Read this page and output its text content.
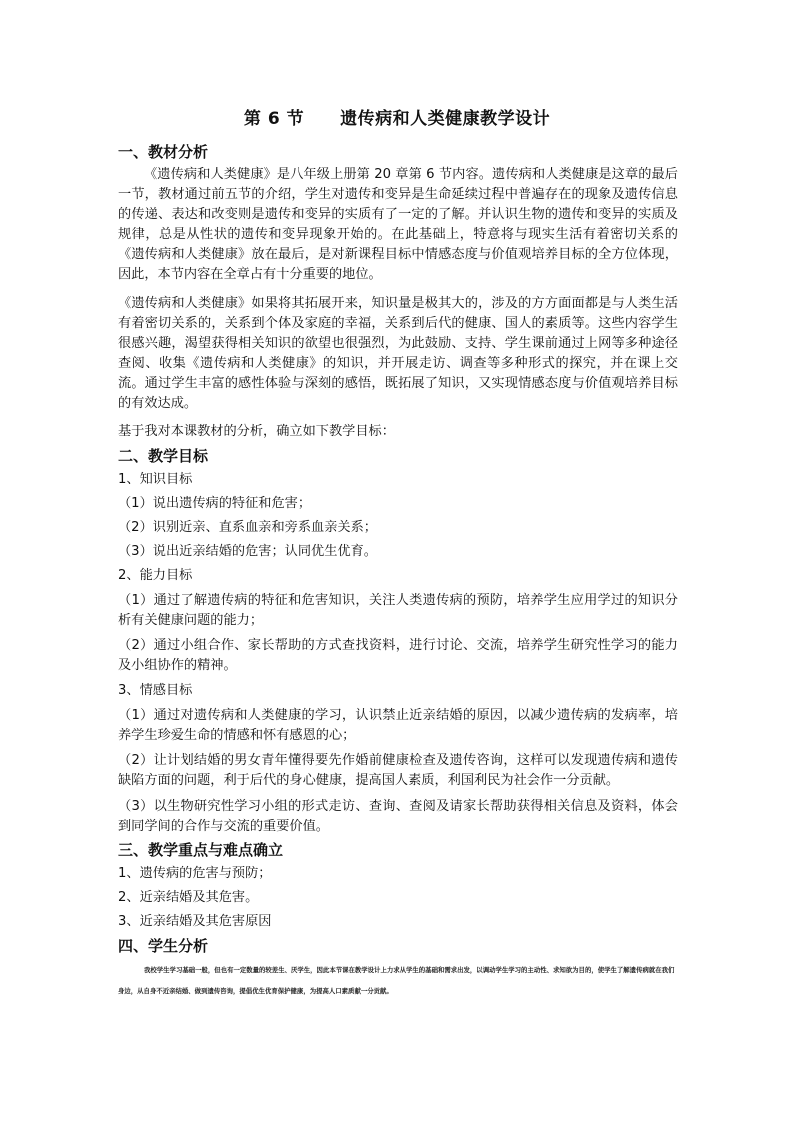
第 6 节 遗传病和人类健康教学设计
一、教材分析
《遗传病和人类健康》是八年级上册第 20 章第 6 节内容。遗传病和人类健康是这章的最后一节，教材通过前五节的介绍，学生对遗传和变异是生命延续过程中普遍存在的现象及遗传信息的传递、表达和改变则是遗传和变异的实质有了一定的了解。并认识生物的遗传和变异的实质及规律，总是从性状的遗传和变异现象开始的。在此基础上，特意将与现实生活有着密切关系的《遗传病和人类健康》放在最后，是对新课程目标中情感态度与价值观培养目标的全方位体现，因此，本节内容在全章占有十分重要的地位。
《遗传病和人类健康》如果将其拓展开来，知识量是极其大的，涉及的方方面面都是与人类生活有着密切关系的，关系到个体及家庭的幸福，关系到后代的健康、国人的素质等。这些内容学生很感兴趣，渴望获得相关知识的欲望也很强烈，为此鼓励、支持、学生课前通过上网等多种途径查阅、收集《遗传病和人类健康》的知识，并开展走访、调查等多种形式的探究，并在课上交流。通过学生丰富的感性体验与深刻的感悟，既拓展了知识，又实现情感态度与价值观培养目标的有效达成。
基于我对本课教材的分析，确立如下教学目标：
二、教学目标
1、知识目标
（1）说出遗传病的特征和危害；
（2）识别近亲、直系血亲和旁系血亲关系；
（3）说出近亲结婚的危害；认同优生优育。
2、能力目标
（1）通过了解遗传病的特征和危害知识，关注人类遗传病的预防，培养学生应用学过的知识分析有关健康问题的能力；
（2）通过小组合作、家长帮助的方式查找资料，进行讨论、交流，培养学生研究性学习的能力及小组协作的精神。
3、情感目标
（1）通过对遗传病和人类健康的学习，认识禁止近亲结婚的原因，以减少遗传病的发病率，培养学生珍爱生命的情感和怀有感恩的心；
（2）让计划结婚的男女青年懂得要先作婚前健康检查及遗传咨询，这样可以发现遗传病和遗传缺陷方面的问题，利于后代的身心健康，提高国人素质，利国利民为社会作一分贡献。
（3）以生物研究性学习小组的形式走访、查询、查阅及请家长帮助获得相关信息及资料，体会到同学间的合作与交流的重要价值。
三、教学重点与难点确立
1、遗传病的危害与预防；
2、近亲结婚及其危害。
3、近亲结婚及其危害原因
四、学生分析
我校学生学习基础一般，但也有一定数量的较差生、厌学生，因此本节课在教学设计上力求从学生的基础和需求出发，以调动学生学习的主动性、求知欲为目的，使学生了解遗传病就在我们身边，从自身不近亲结婚、做到遗传咨询，提倡优生优育保护健康，为提高人口素质献一分贡献。
